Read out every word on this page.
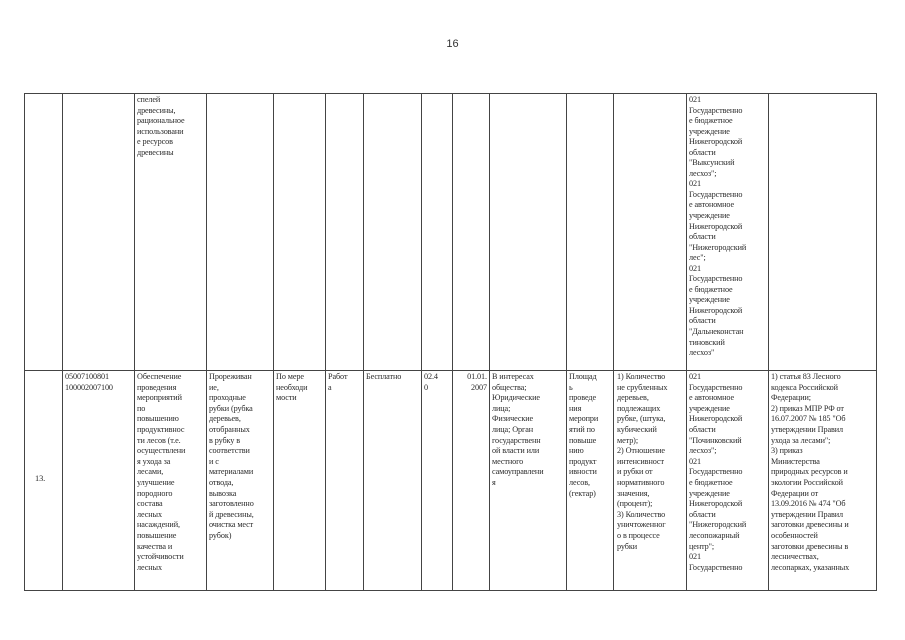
16
спелей
древесины,
рациональное
использовани
е ресурсов
древесины
021
Государственно
е бюджетное
учреждение
Нижегородской
области
"Выксунский
лесхоз";
021
Государственно
е автономное
учреждение
Нижегородской
области
"Нижегородский
лес";
021
Государственно
е бюджетное
учреждение
Нижегородской
области
"Дальнеконстан
тиновский
лесхоз"
13.
05007100801
100002007100
Обеспечение
проведения
мероприятий
по
повышению
продуктивнос
ти лесов (т.е.
осуществлени
я ухода за
лесами,
улучшение
породного
состава
лесных
насаждений,
повышение
качества и
устойчивости
лесных
Прореживан
ие,
проходные
рубки (рубка
деревьев,
отобранных
в рубку в
соответстви
и с
материалами
отвода,
вывозка
заготовленно
й древесины,
очистка мест
рубок)
По мере
необходи
мости
Работ
а
Бесплатно	02.4
0
01.01.
2007
В интересах
общества;
Юридические
лица;
Физические
лица; Орган
государственн
ой власти или
местного
самоуправлени
я
Площад
ь
проведе
ния
меропри
ятий по
повыше
нию
продукт
ивности
лесов,
(гектар)
1) Количество
не срубленных
деревьев,
подлежащих
рубке, (штука,
кубический
метр);
2) Отношение
интенсивност
и рубки от
нормативного
значения,
(процент);
3) Количество
уничтоженног
о в процессе
рубки
021
Государственно
е автономное
учреждение
Нижегородской
области
"Починковский
лесхоз";
021
Государственно
е бюджетное
учреждение
Нижегородской
области
"Нижегородский
лесопожарный
центр";
021
Государственно
1) статья 83 Лесного
кодекса Российской
Федерации;
2) приказ МПР РФ от
16.07.2007 № 185 "Об
утверждении Правил
ухода за лесами";
3) приказ
Министерства
природных ресурсов и
экологии Российской
Федерации от
13.09.2016 № 474 "Об
утверждении Правил
заготовки древесины и
особенностей
заготовки древесины в
лесничествах,
лесопарках, указанных
